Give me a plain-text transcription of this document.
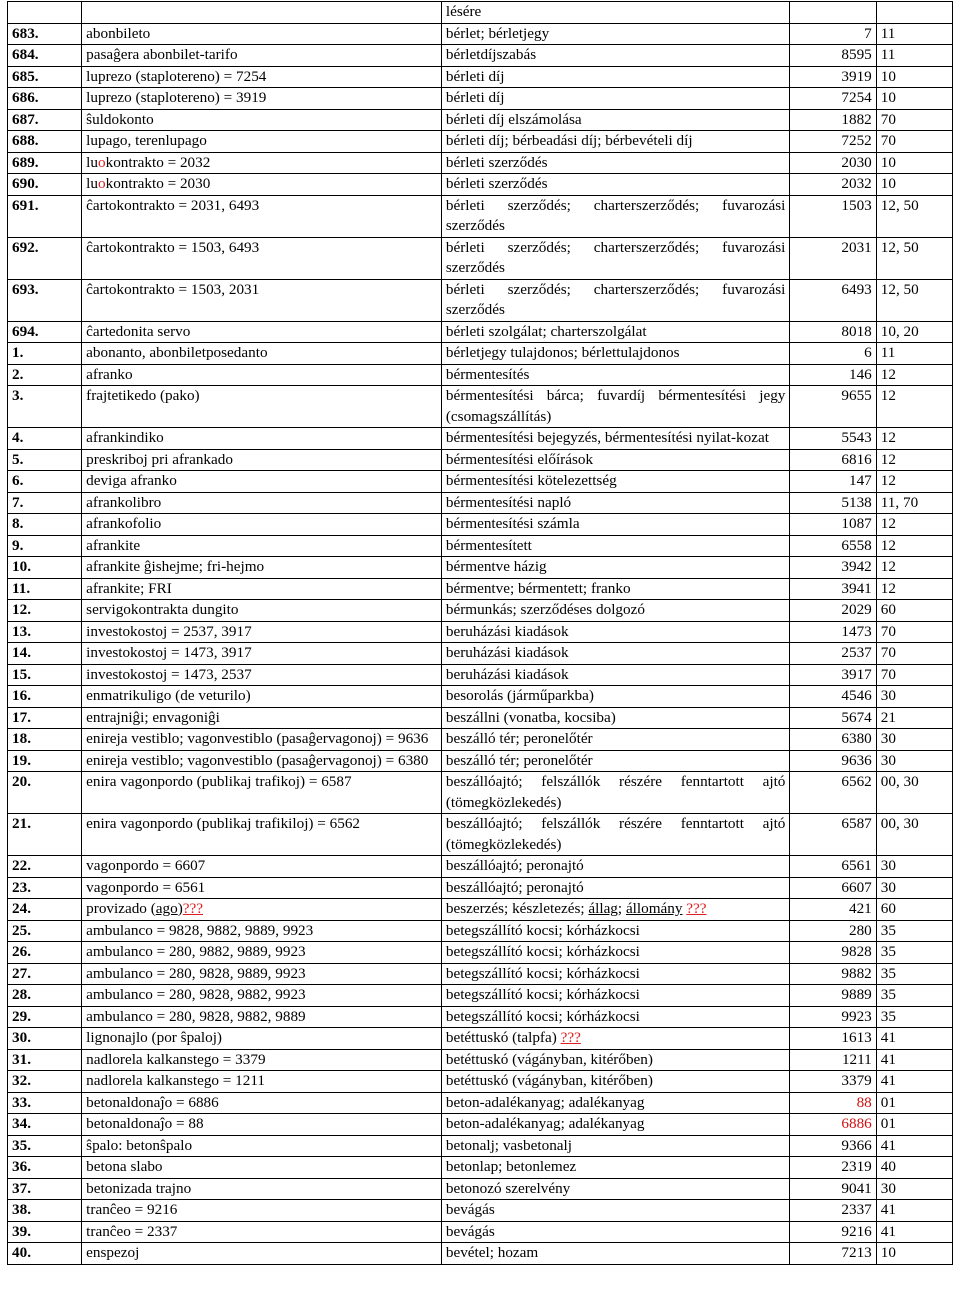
		lésére		
683.	abonbileto	bérlet; bérletjegy	7	11
684.	pasaĝera abonbilet-tarifo	bérletdíjszabás	8595	11
685.	luprezo (staplotereno) = 7254	bérleti díj	3919	10
686.	luprezo (staplotereno) = 3919	bérleti díj	7254	10
687.	ŝuldokonto	bérleti díj elszámolása	1882	70
688.	lupago, terenlupago	bérleti díj; bérbeadási díj; bérbevételi díj	7252	70
689.	luokontrakto = 2032	bérleti szerződés	2030	10
690.	luokontrakto = 2030	bérleti szerződés	2032	10
691.	ĉartokontrakto = 2031, 6493	bérleti szerződés; charterszerződés; fuvarozási szerződés	1503	12, 50
692.	ĉartokontrakto = 1503, 6493	bérleti szerződés; charterszerződés; fuvarozási szerződés	2031	12, 50
693.	ĉartokontrakto = 1503, 2031	bérleti szerződés; charterszerződés; fuvarozási szerződés	6493	12, 50
694.	ĉartedonita servo	bérleti szolgálat; charterszolgálat	8018	10, 20
1.	abonanto, abonbiletposedanto	bérletjegy tulajdonos; bérlettulajdonos	6	11
2.	afranko	bérmentesítés	146	12
3.	frajtetikedo (pako)	bérmentesítési bárca; fuvardíj bérmentesítési jegy (csomagszállítás)	9655	12
4.	afrankindiko	bérmentesítési bejegyzés, bérmentesítési nyilat-kozat	5543	12
5.	preskriboj pri afrankado	bérmentesítési előírások	6816	12
6.	deviga afranko	bérmentesítési kötelezettség	147	12
7.	afrankolibro	bérmentesítési napló	5138	11, 70
8.	afrankofolio	bérmentesítési számla	1087	12
9.	afrankite	bérmentesített	6558	12
10.	afrankite ĝishejme; fri-hejmo	bérmentve házig	3942	12
11.	afrankite; FRI	bérmentve; bérmentett; franko	3941	12
12.	servigokontrakta dungito	bérmunkás; szerződéses dolgozó	2029	60
13.	investokostoj = 2537, 3917	beruházási kiadások	1473	70
14.	investokostoj = 1473, 3917	beruházási kiadások	2537	70
15.	investokostoj = 1473, 2537	beruházási kiadások	3917	70
16.	enmatrikuligo (de veturilo)	besorolás (járműparkba)	4546	30
17.	entrajniĝi; envagoniĝi	beszállni (vonatba, kocsiba)	5674	21
18.	enireja vestiblo; vagonvestiblo (pasaĝervagonoj) = 9636	beszálló tér; peronelőtér	6380	30
19.	enireja vestiblo; vagonvestiblo (pasaĝervagonoj) = 6380	beszálló tér; peronelőtér	9636	30
20.	enira vagonpordo (publikaj trafikoj) = 6587	beszállóajtó; felszállók részére fenntartott ajtó (tömegközlekedés)	6562	00, 30
21.	enira vagonpordo (publikaj trafikiloj) = 6562	beszállóajtó; felszállók részére fenntartott ajtó (tömegközlekedés)	6587	00, 30
22.	vagonpordo = 6607	beszállóajtó; peronajtó	6561	30
23.	vagonpordo = 6561	beszállóajtó; peronajtó	6607	30
24.	provizado (ago)???	beszerzés; készletezés; állag; állomány ???	421	60
25.	ambulanco = 9828, 9882, 9889, 9923	betegszállító kocsi; kórházkocsi	280	35
26.	ambulanco = 280, 9882, 9889, 9923	betegszállító kocsi; kórházkocsi	9828	35
27.	ambulanco = 280, 9828, 9889, 9923	betegszállító kocsi; kórházkocsi	9882	35
28.	ambulanco = 280, 9828, 9882, 9923	betegszállító kocsi; kórházkocsi	9889	35
29.	ambulanco = 280, 9828, 9882, 9889	betegszállító kocsi; kórházkocsi	9923	35
30.	lignonajlo (por ŝpaloj)	betéttuskó (talpfa) ???	1613	41
31.	nadlorela kalkanstego = 3379	betéttuskó (vágányban, kitérőben)	1211	41
32.	nadlorela kalkanstego = 1211	betéttuskó (vágányban, kitérőben)	3379	41
33.	betonaldonaĵo = 6886	beton-adalékanyag; adalékanyag	88	01
34.	betonaldonaĵo = 88	beton-adalékanyag; adalékanyag	6886	01
35.	ŝpalo: betonŝpalo	betonalj; vasbetonalj	9366	41
36.	betona slabo	betonlap; betonlemez	2319	40
37.	betonizada trajno	betonozó szerelvény	9041	30
38.	tranĉeo = 9216	bevágás	2337	41
39.	tranĉeo = 2337	bevágás	9216	41
40.	enspezoj	bevétel; hozam	7213	10
